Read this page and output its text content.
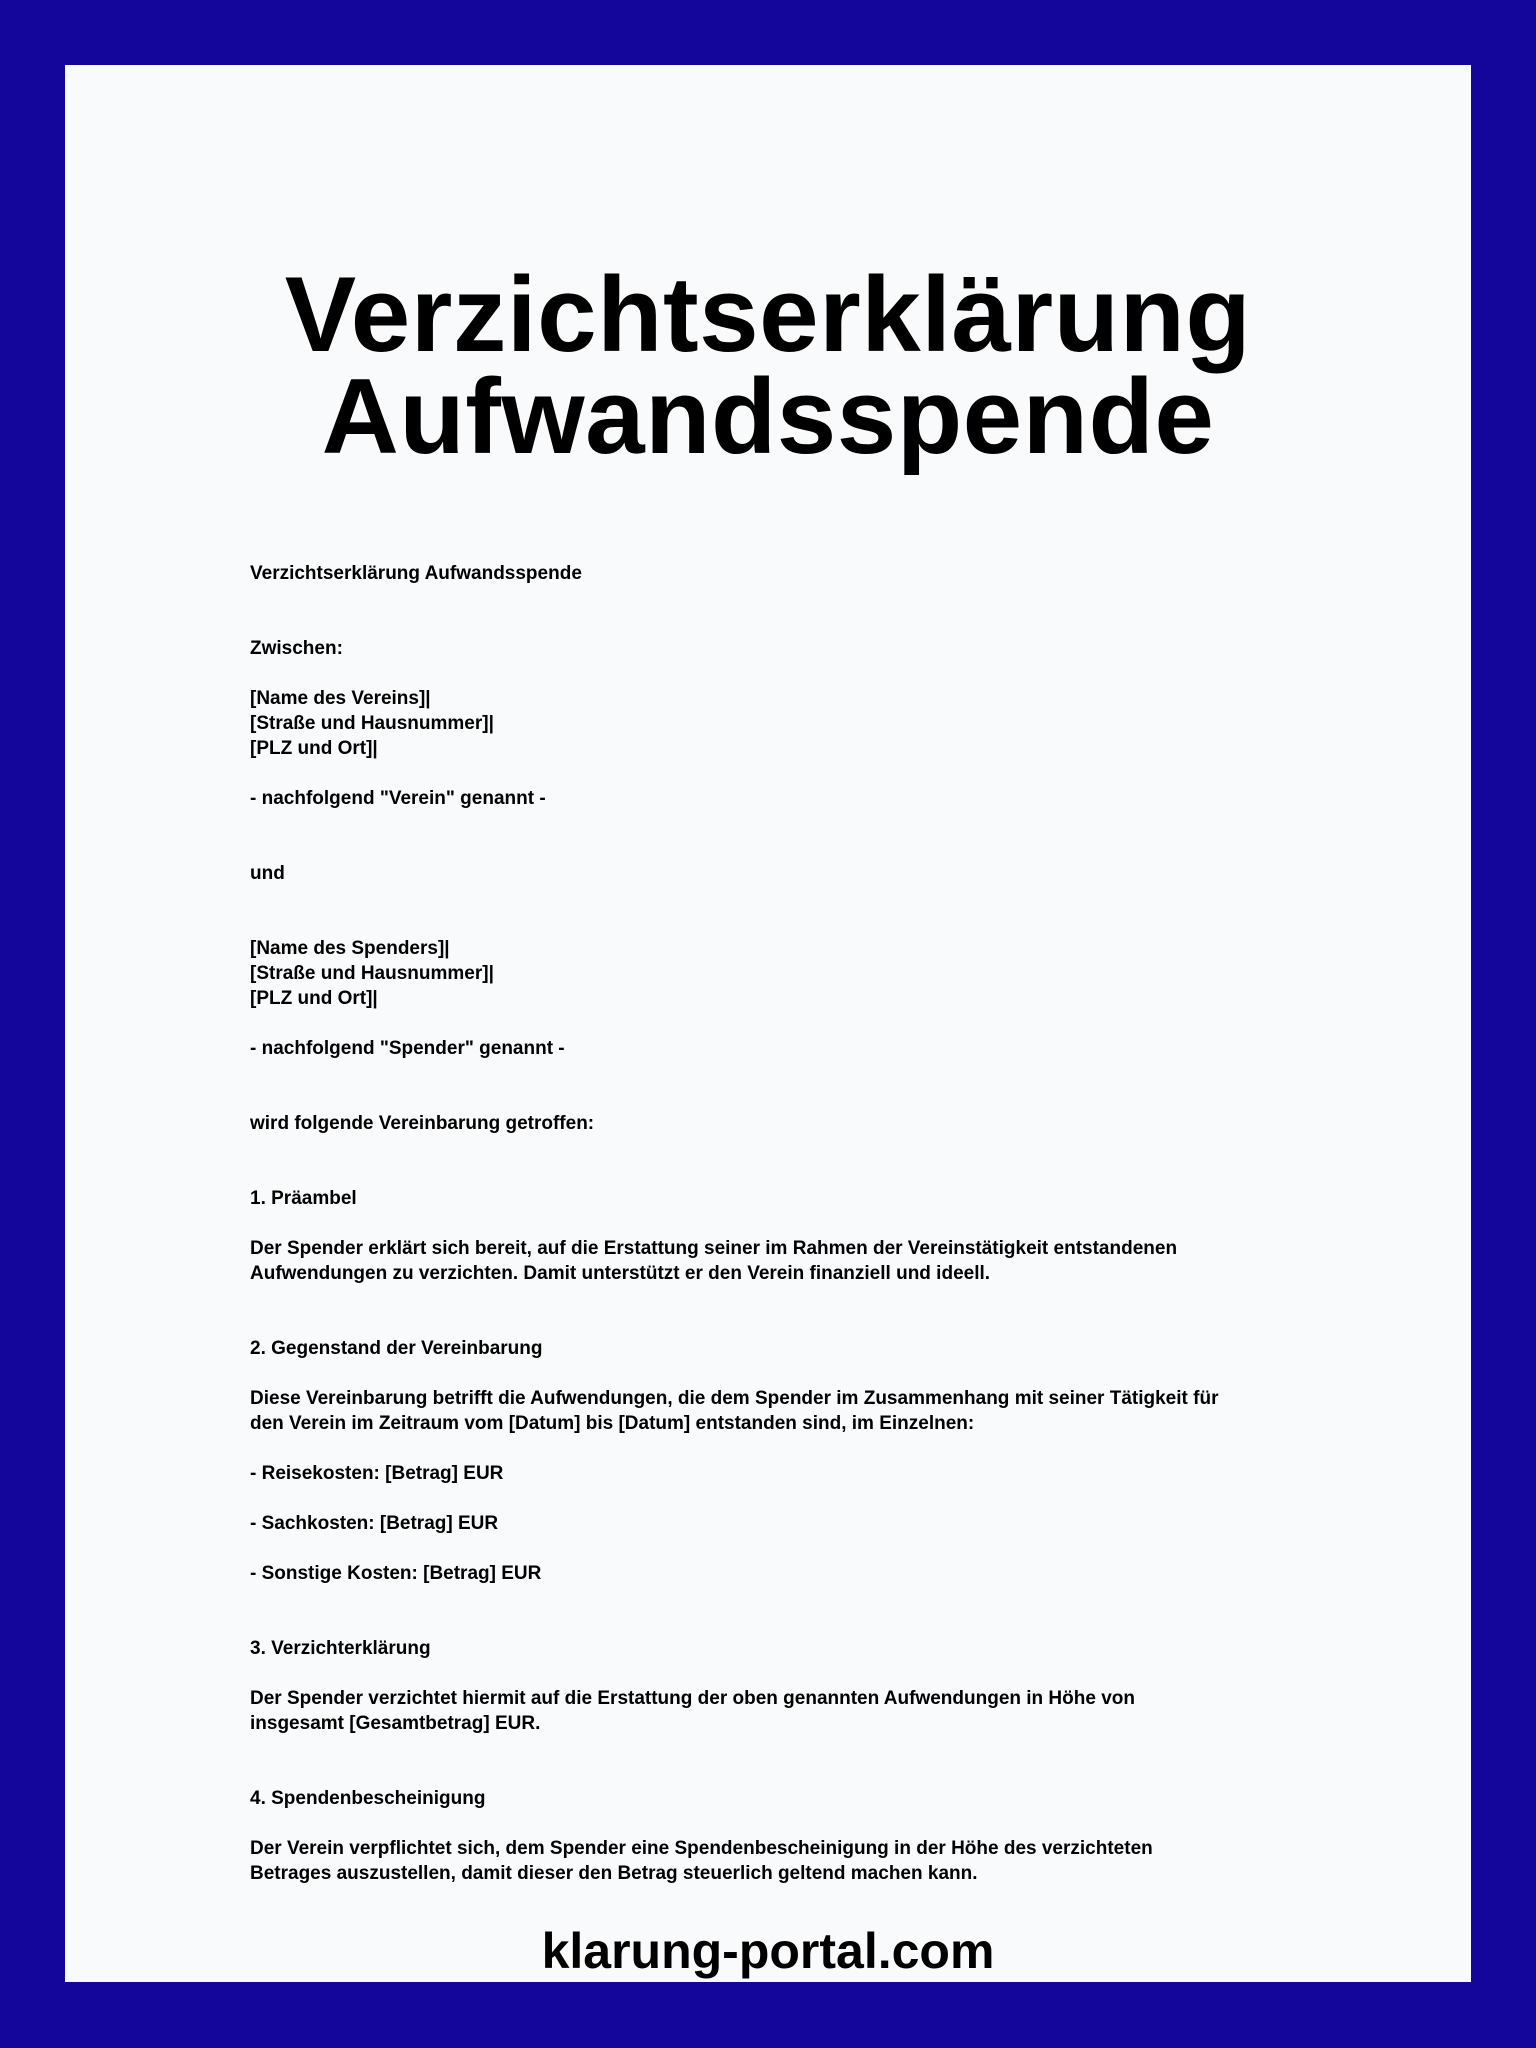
Verzichtserklärung
Aufwandsspende
Verzichtserklärung Aufwandsspende
Zwischen:
[Name des Vereins]|
[Straße und Hausnummer]|
[PLZ und Ort]|
- nachfolgend "Verein" genannt -
und
[Name des Spenders]|
[Straße und Hausnummer]|
[PLZ und Ort]|
- nachfolgend "Spender" genannt -
wird folgende Vereinbarung getroffen:
1. Präambel
Der Spender erklärt sich bereit, auf die Erstattung seiner im Rahmen der Vereinstätigkeit entstandenen
Aufwendungen zu verzichten. Damit unterstützt er den Verein finanziell und ideell.
2. Gegenstand der Vereinbarung
Diese Vereinbarung betrifft die Aufwendungen, die dem Spender im Zusammenhang mit seiner Tätigkeit für
den Verein im Zeitraum vom [Datum] bis [Datum] entstanden sind, im Einzelnen:
- Reisekosten: [Betrag] EUR
- Sachkosten: [Betrag] EUR
- Sonstige Kosten: [Betrag] EUR
3. Verzichterklärung
Der Spender verzichtet hiermit auf die Erstattung der oben genannten Aufwendungen in Höhe von
insgesamt [Gesamtbetrag] EUR.
4. Spendenbescheinigung
Der Verein verpflichtet sich, dem Spender eine Spendenbescheinigung in der Höhe des verzichteten
Betrages auszustellen, damit dieser den Betrag steuerlich geltend machen kann.
klarung-portal.com
